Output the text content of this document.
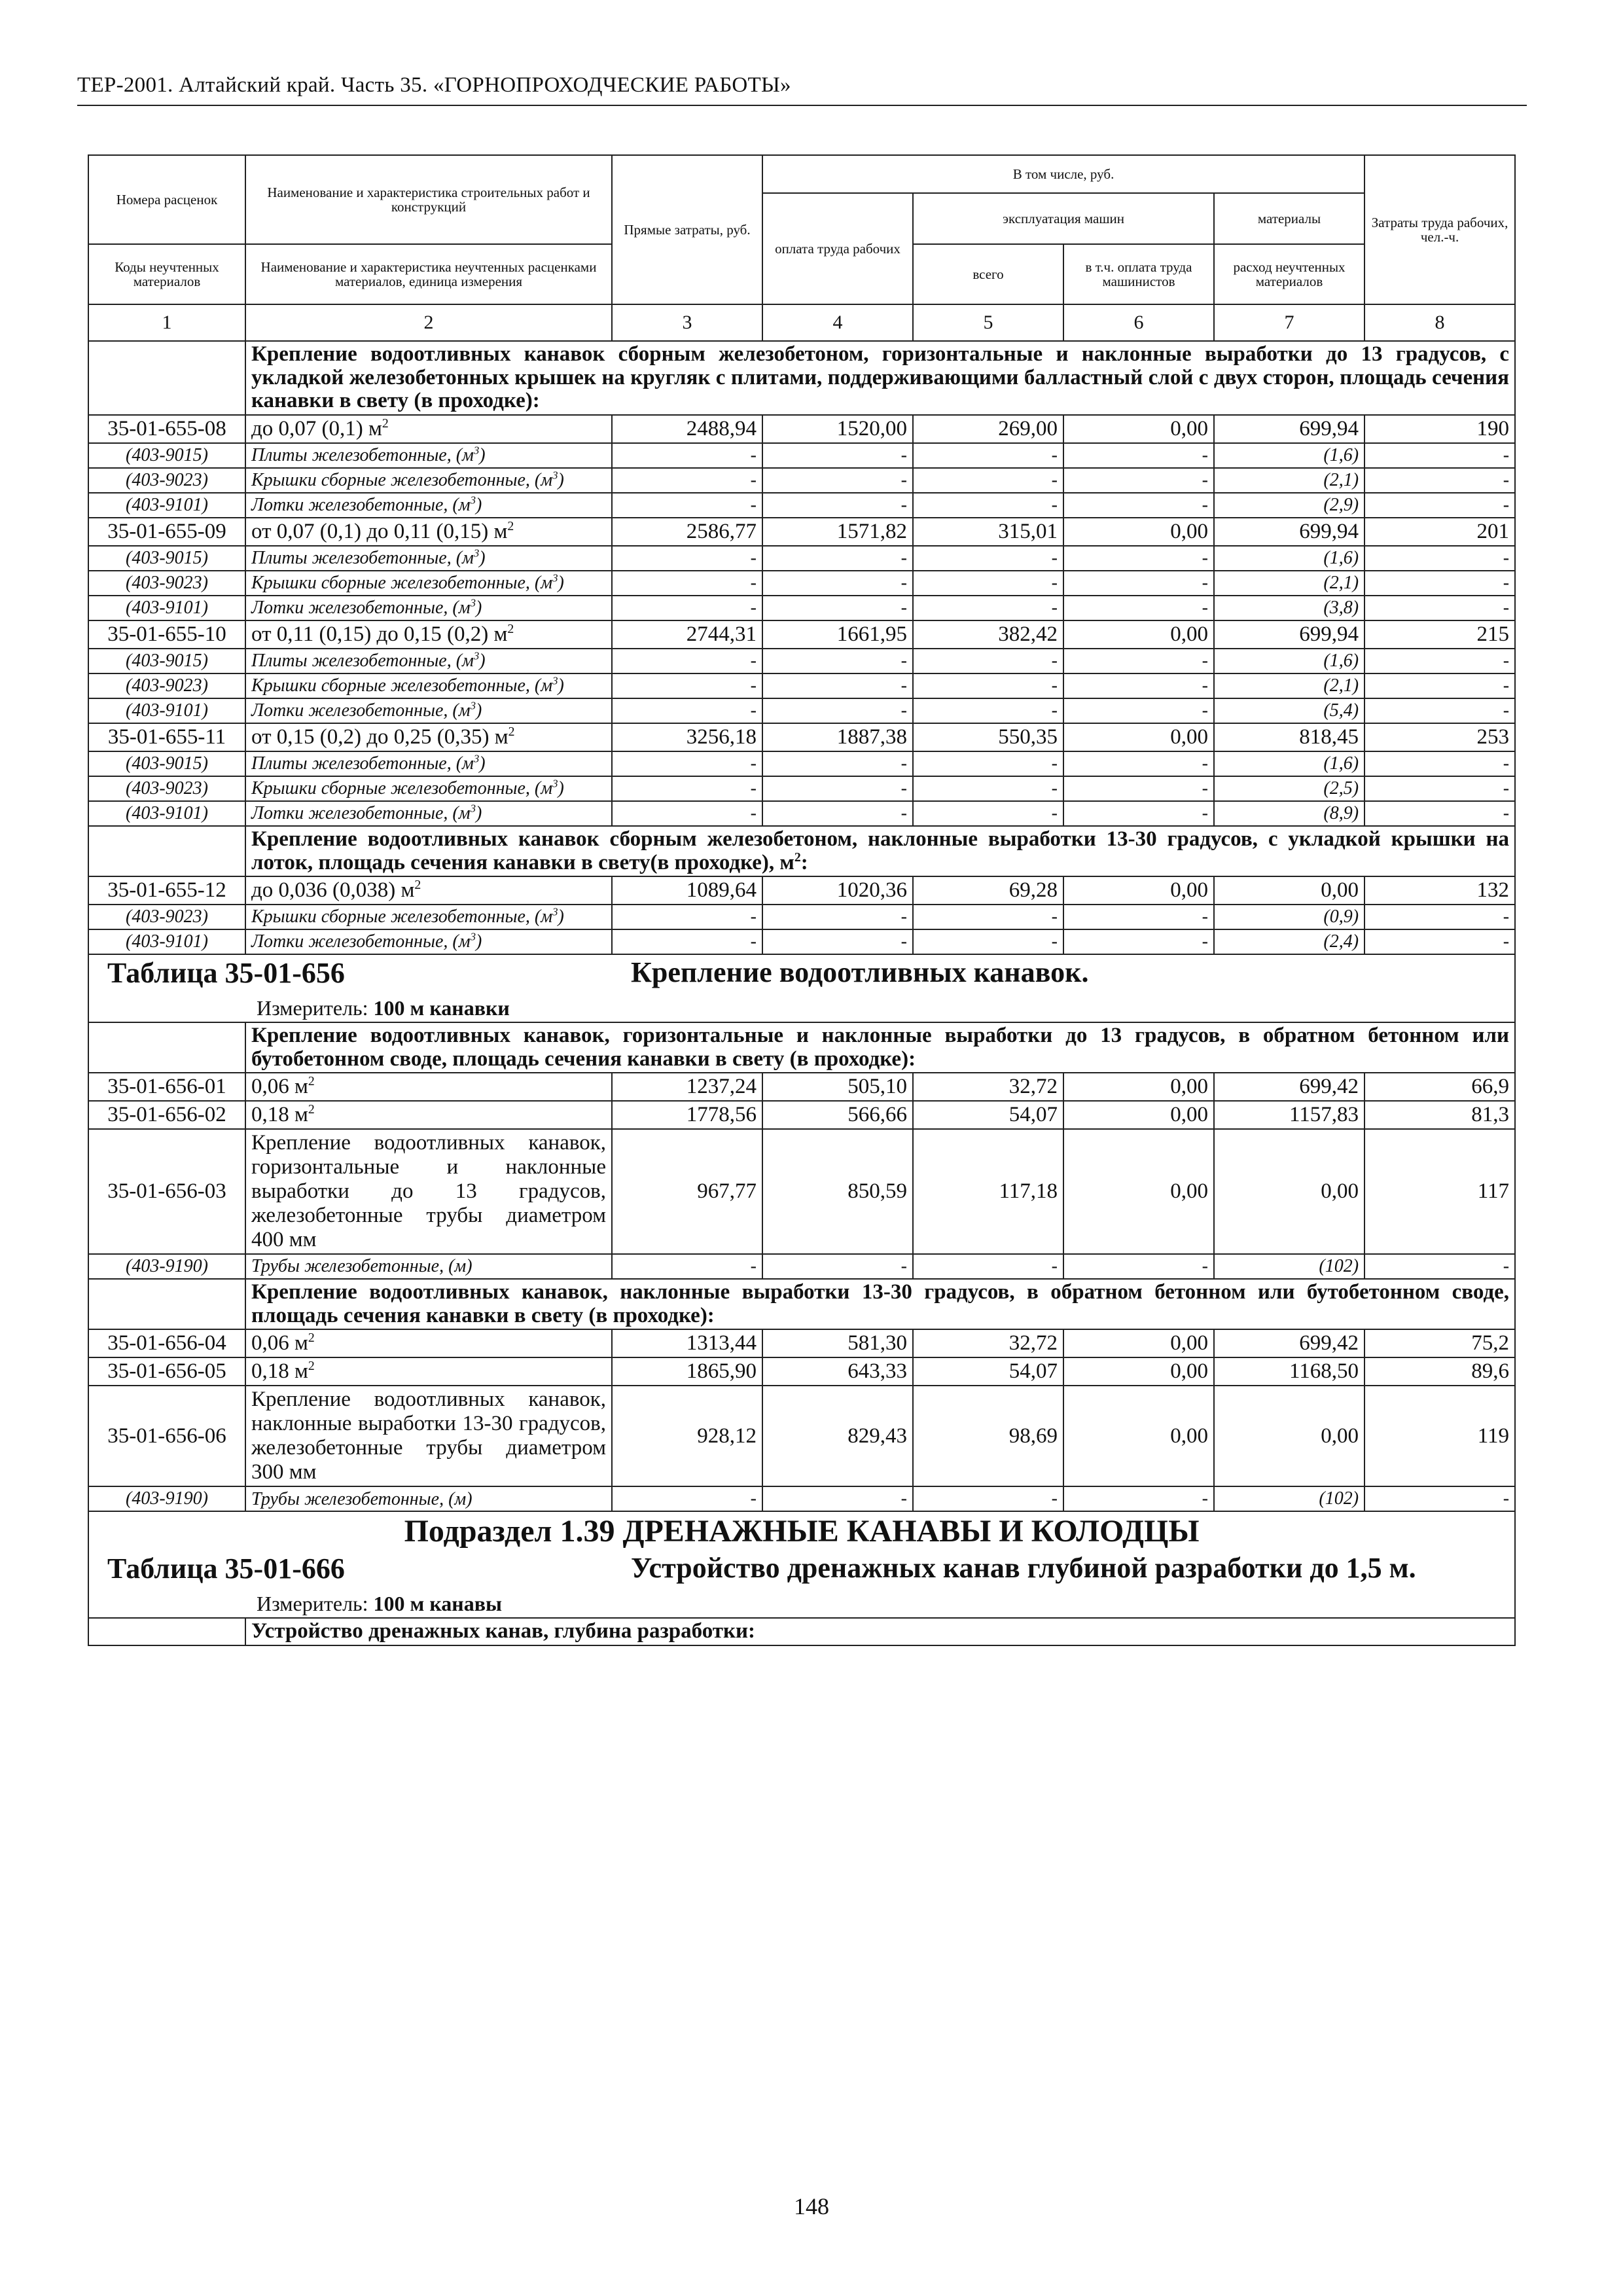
ТЕР-2001. Алтайский край. Часть 35. «ГОРНОПРОХОДЧЕСКИЕ РАБОТЫ»
Номера расценок	Наименование и характеристика строительных работ и конструкций	Прямые затраты, руб.	В том числе, руб.				Затраты труда рабочих, чел.-ч.
			оплата труда рабочих	эксплуатация машин		материалы	
Коды неучтенных материалов	Наименование и характеристика неучтенных расценками материалов, единица измерения			всего	в т.ч. оплата труда машинистов	расход неучтенных материалов	
1	2	3	4	5	6	7	8
	Крепление водоотливных канавок сборным железобетоном, горизонтальные и наклонные выработки до 13 градусов, с укладкой железобетонных крышек на кругляк с плитами, поддерживающими балластный слой с двух сторон, площадь сечения канавки в свету (в проходке):						
35-01-655-08	до 0,07 (0,1) $м^2$	2488,94	1520,00	269,00	0,00	699,94	190
(403-9015)	Плиты железобетонные, $(м^3)$	-	-	-	-	(1,6)	-
(403-9023)	Крышки сборные железобетонные, $(м^3)$	-	-	-	-	(2,1)	-
(403-9101)	Лотки железобетонные, $(м^3)$	-	-	-	-	(2,9)	-
35-01-655-09	от 0,07 (0,1) до 0,11 (0,15) $м^2$	2586,77	1571,82	315,01	0,00	699,94	201
(403-9015)	Плиты железобетонные, $(м^3)$	-	-	-	-	(1,6)	-
(403-9023)	Крышки сборные железобетонные, $(м^3)$	-	-	-	-	(2,1)	-
(403-9101)	Лотки железобетонные, $(м^3)$	-	-	-	-	(3,8)	-
35-01-655-10	от 0,11 (0,15) до 0,15 (0,2) $м^2$	2744,31	1661,95	382,42	0,00	699,94	215
(403-9015)	Плиты железобетонные, $(м^3)$	-	-	-	-	(1,6)	-
(403-9023)	Крышки сборные железобетонные, $(м^3)$	-	-	-	-	(2,1)	-
(403-9101)	Лотки железобетонные, $(м^3)$	-	-	-	-	(5,4)	-
35-01-655-11	от 0,15 (0,2) до 0,25 (0,35) $м^2$	3256,18	1887,38	550,35	0,00	818,45	253
(403-9015)	Плиты железобетонные, $(м^3)$	-	-	-	-	(1,6)	-
(403-9023)	Крышки сборные железобетонные, $(м^3)$	-	-	-	-	(2,5)	-
(403-9101)	Лотки железобетонные, $(м^3)$	-	-	-	-	(8,9)	-
	Крепление водоотливных канавок сборным железобетоном, наклонные выработки 13-30 градусов, с укладкой крышки на лоток, площадь сечения канавки в свету(в проходке), $м^2$:						
35-01-655-12	до 0,036 (0,038) $м^2$	1089,64	1020,36	69,28	0,00	0,00	132
(403-9023)	Крышки сборные железобетонные, $(м^3)$	-	-	-	-	(0,9)	-
(403-9101)	Лотки железобетонные, $(м^3)$	-	-	-	-	(2,4)	-

Таблица 35-01-656 Крепление водоотливных канавок.
Измеритель: 100 м канавки							

	Крепление водоотливных канавок, горизонтальные и наклонные выработки до 13 градусов, в обратном бетонном или бутобетонном своде, площадь сечения канавки в свету (в проходке):						
35-01-656-01	0,06 $м^2$	1237,24	505,10	32,72	0,00	699,42	66,9
35-01-656-02	0,18 $м^2$	1778,56	566,66	54,07	0,00	1157,83	81,3
35-01-656-03	Крепление водоотливных канавок, горизонтальные и наклонные выработки до 13 градусов, железобетонные трубы диаметром 400 мм	967,77	850,59	117,18	0,00	0,00	117
(403-9190)	Трубы железобетонные, (м)	-	-	-	-	(102)	-
	Крепление водоотливных канавок, наклонные выработки 13-30 градусов, в обратном бетонном или бутобетонном своде, площадь сечения канавки в свету (в проходке):						
35-01-656-04	0,06 $м^2$	1313,44	581,30	32,72	0,00	699,42	75,2
35-01-656-05	0,18 $м^2$	1865,90	643,33	54,07	0,00	1168,50	89,6
35-01-656-06	Крепление водоотливных канавок, наклонные выработки 13-30 градусов, железобетонные трубы диаметром 300 мм	928,12	829,43	98,69	0,00	0,00	119
(403-9190)	Трубы железобетонные, (м)	-	-	-	-	(102)	-
Подраздел 1.39 ДРЕНАЖНЫЕ КАНАВЫ И КОЛОДЦЫ							

Таблица 35-01-666 Устройство дренажных канав глубиной разработки до 1,5 м.
Измеритель: 100 м канавы							

	Устройство дренажных канав, глубина разработки:						
148
